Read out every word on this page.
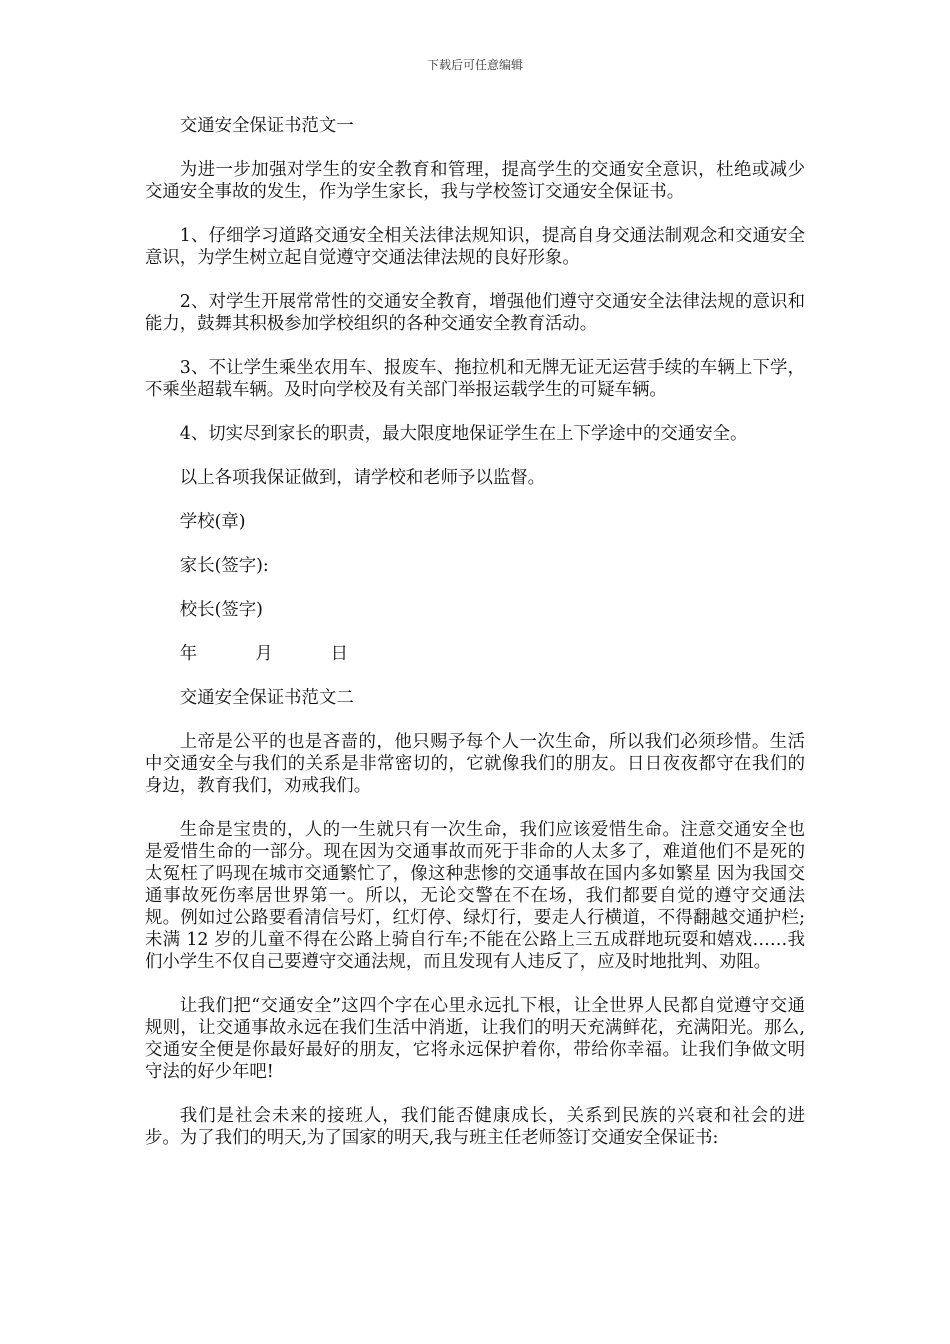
下载后可任意编辑

交通安全保证书范文一

为进一步加强对学生的安全教育和管理，提高学生的交通安全意识，杜绝或减少交通安全事故的发生，作为学生家长，我与学校签订交通安全保证书。

1、仔细学习道路交通安全相关法律法规知识，提高自身交通法制观念和交通安全意识，为学生树立起自觉遵守交通法律法规的良好形象。

2、对学生开展常常性的交通安全教育，增强他们遵守交通安全法律法规的意识和能力，鼓舞其积极参加学校组织的各种交通安全教育活动。

3、不让学生乘坐农用车、报废车、拖拉机和无牌无证无运营手续的车辆上下学，不乘坐超载车辆。及时向学校及有关部门举报运载学生的可疑车辆。

4、切实尽到家长的职责，最大限度地保证学生在上下学途中的交通安全。

以上各项我保证做到，请学校和老师予以监督。

学校(章)

家长(签字):

校长(签字)

年	月	日

交通安全保证书范文二

上帝是公平的也是吝啬的，他只赐予每个人一次生命，所以我们必须珍惜。生活中交通安全与我们的关系是非常密切的，它就像我们的朋友。日日夜夜都守在我们的身边，教育我们，劝戒我们。

生命是宝贵的，人的一生就只有一次生命，我们应该爱惜生命。注意交通安全也是爱惜生命的一部分。现在因为交通事故而死于非命的人太多了，难道他们不是死的太冤枉了吗现在城市交通繁忙了，像这种悲惨的交通事故在国内多如繁星 因为我国交通事故死伤率居世界第一。所以，无论交警在不在场，我们都要自觉的遵守交通法规。例如过公路要看清信号灯，红灯停、绿灯行，要走人行横道，不得翻越交通护栏;未满 12 岁的儿童不得在公路上骑自行车;不能在公路上三五成群地玩耍和嬉戏……我们小学生不仅自己要遵守交通法规，而且发现有人违反了，应及时地批判、劝阻。

让我们把“交通安全”这四个字在心里永远扎下根，让全世界人民都自觉遵守交通规则，让交通事故永远在我们生活中消逝，让我们的明天充满鲜花，充满阳光。那么,交通安全便是你最好最好的朋友，它将永远保护着你，带给你幸福。让我们争做文明守法的好少年吧!

我们是社会未来的接班人，我们能否健康成长，关系到民族的兴衰和社会的进步。为了我们的明天,为了国家的明天,我与班主任老师签订交通安全保证书:
